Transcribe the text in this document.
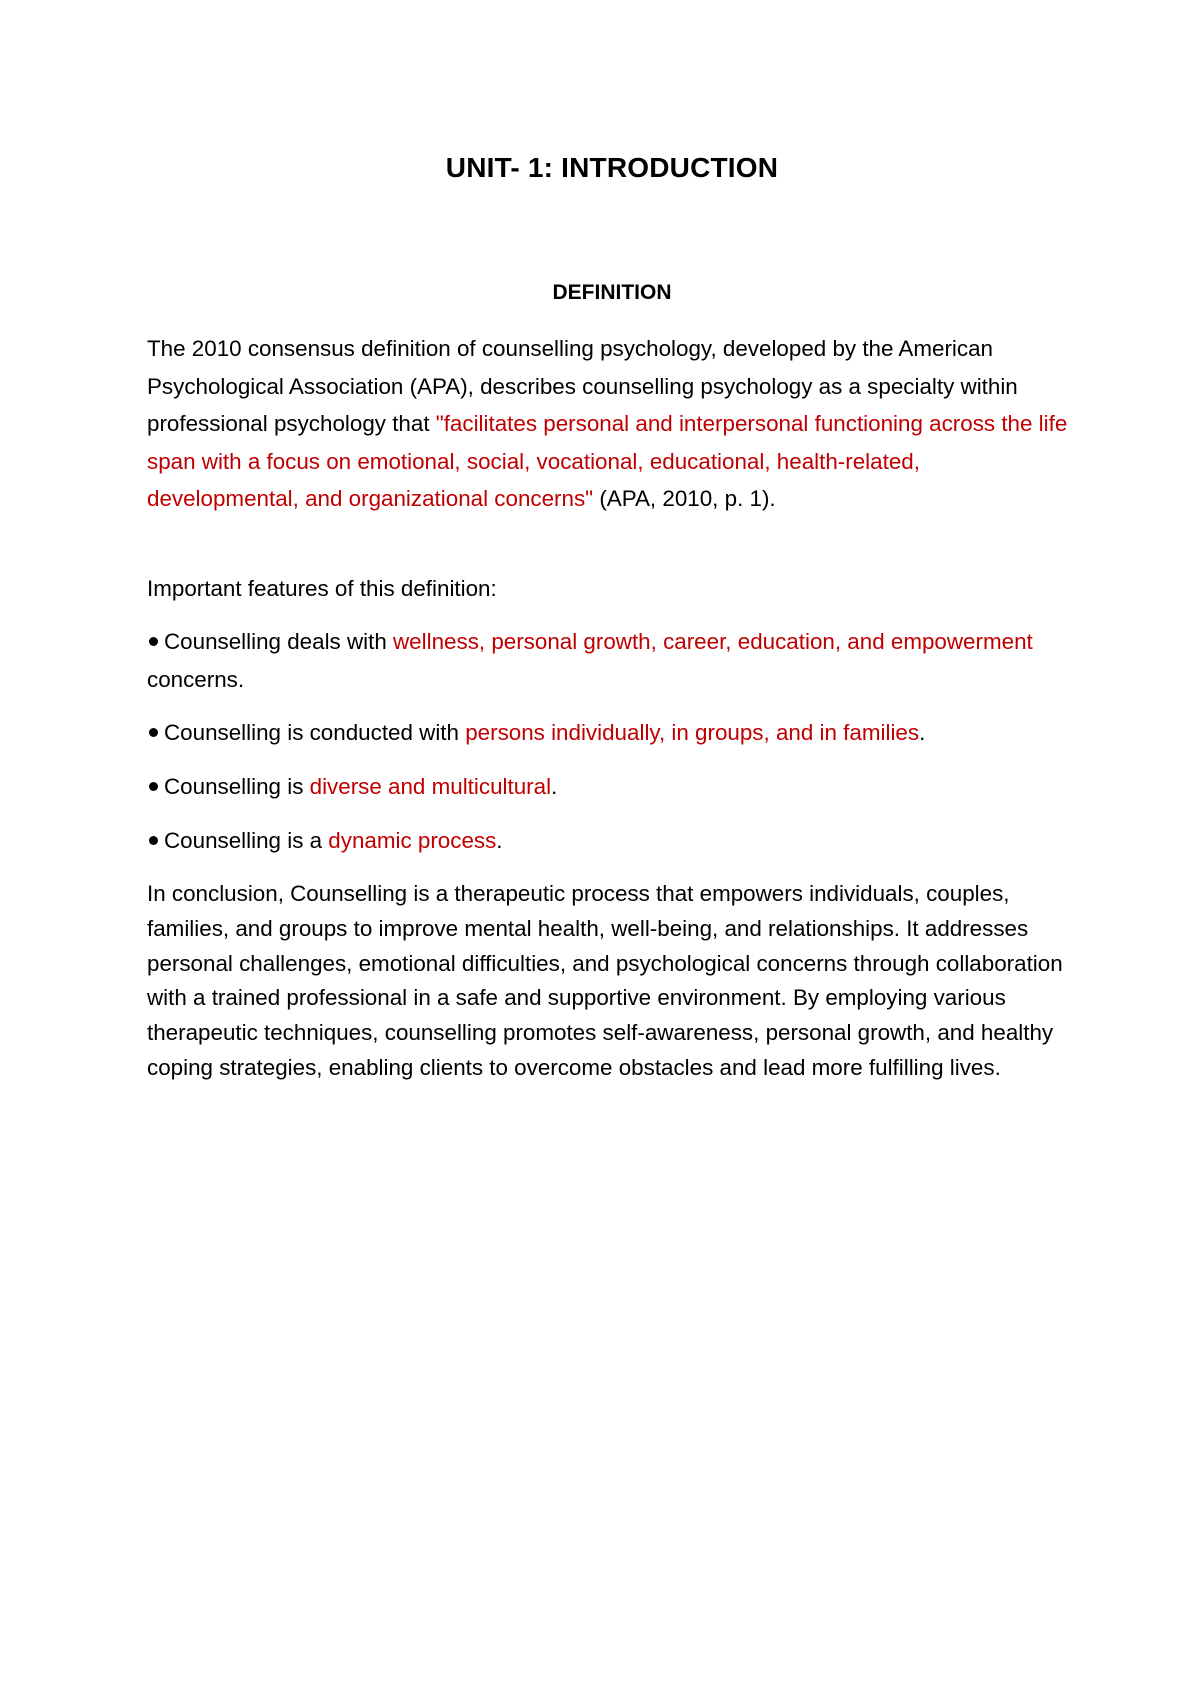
UNIT- 1: INTRODUCTION
DEFINITION

The 2010 consensus definition of counselling psychology, developed by the American Psychological Association (APA), describes counselling psychology as a specialty within professional psychology that "facilitates personal and interpersonal functioning across the life span with a focus on emotional, social, vocational, educational, health-related, developmental, and organizational concerns" (APA, 2010, p. 1).

Important features of this definition:

Counselling deals with wellness, personal growth, career, education, and empowerment concerns.

Counselling is conducted with persons individually, in groups, and in families.

Counselling is diverse and multicultural.

Counselling is a dynamic process.

In conclusion, Counselling is a therapeutic process that empowers individuals, couples, families, and groups to improve mental health, well-being, and relationships. It addresses personal challenges, emotional difficulties, and psychological concerns through collaboration with a trained professional in a safe and supportive environment. By employing various therapeutic techniques, counselling promotes self-awareness, personal growth, and healthy coping strategies, enabling clients to overcome obstacles and lead more fulfilling lives.
